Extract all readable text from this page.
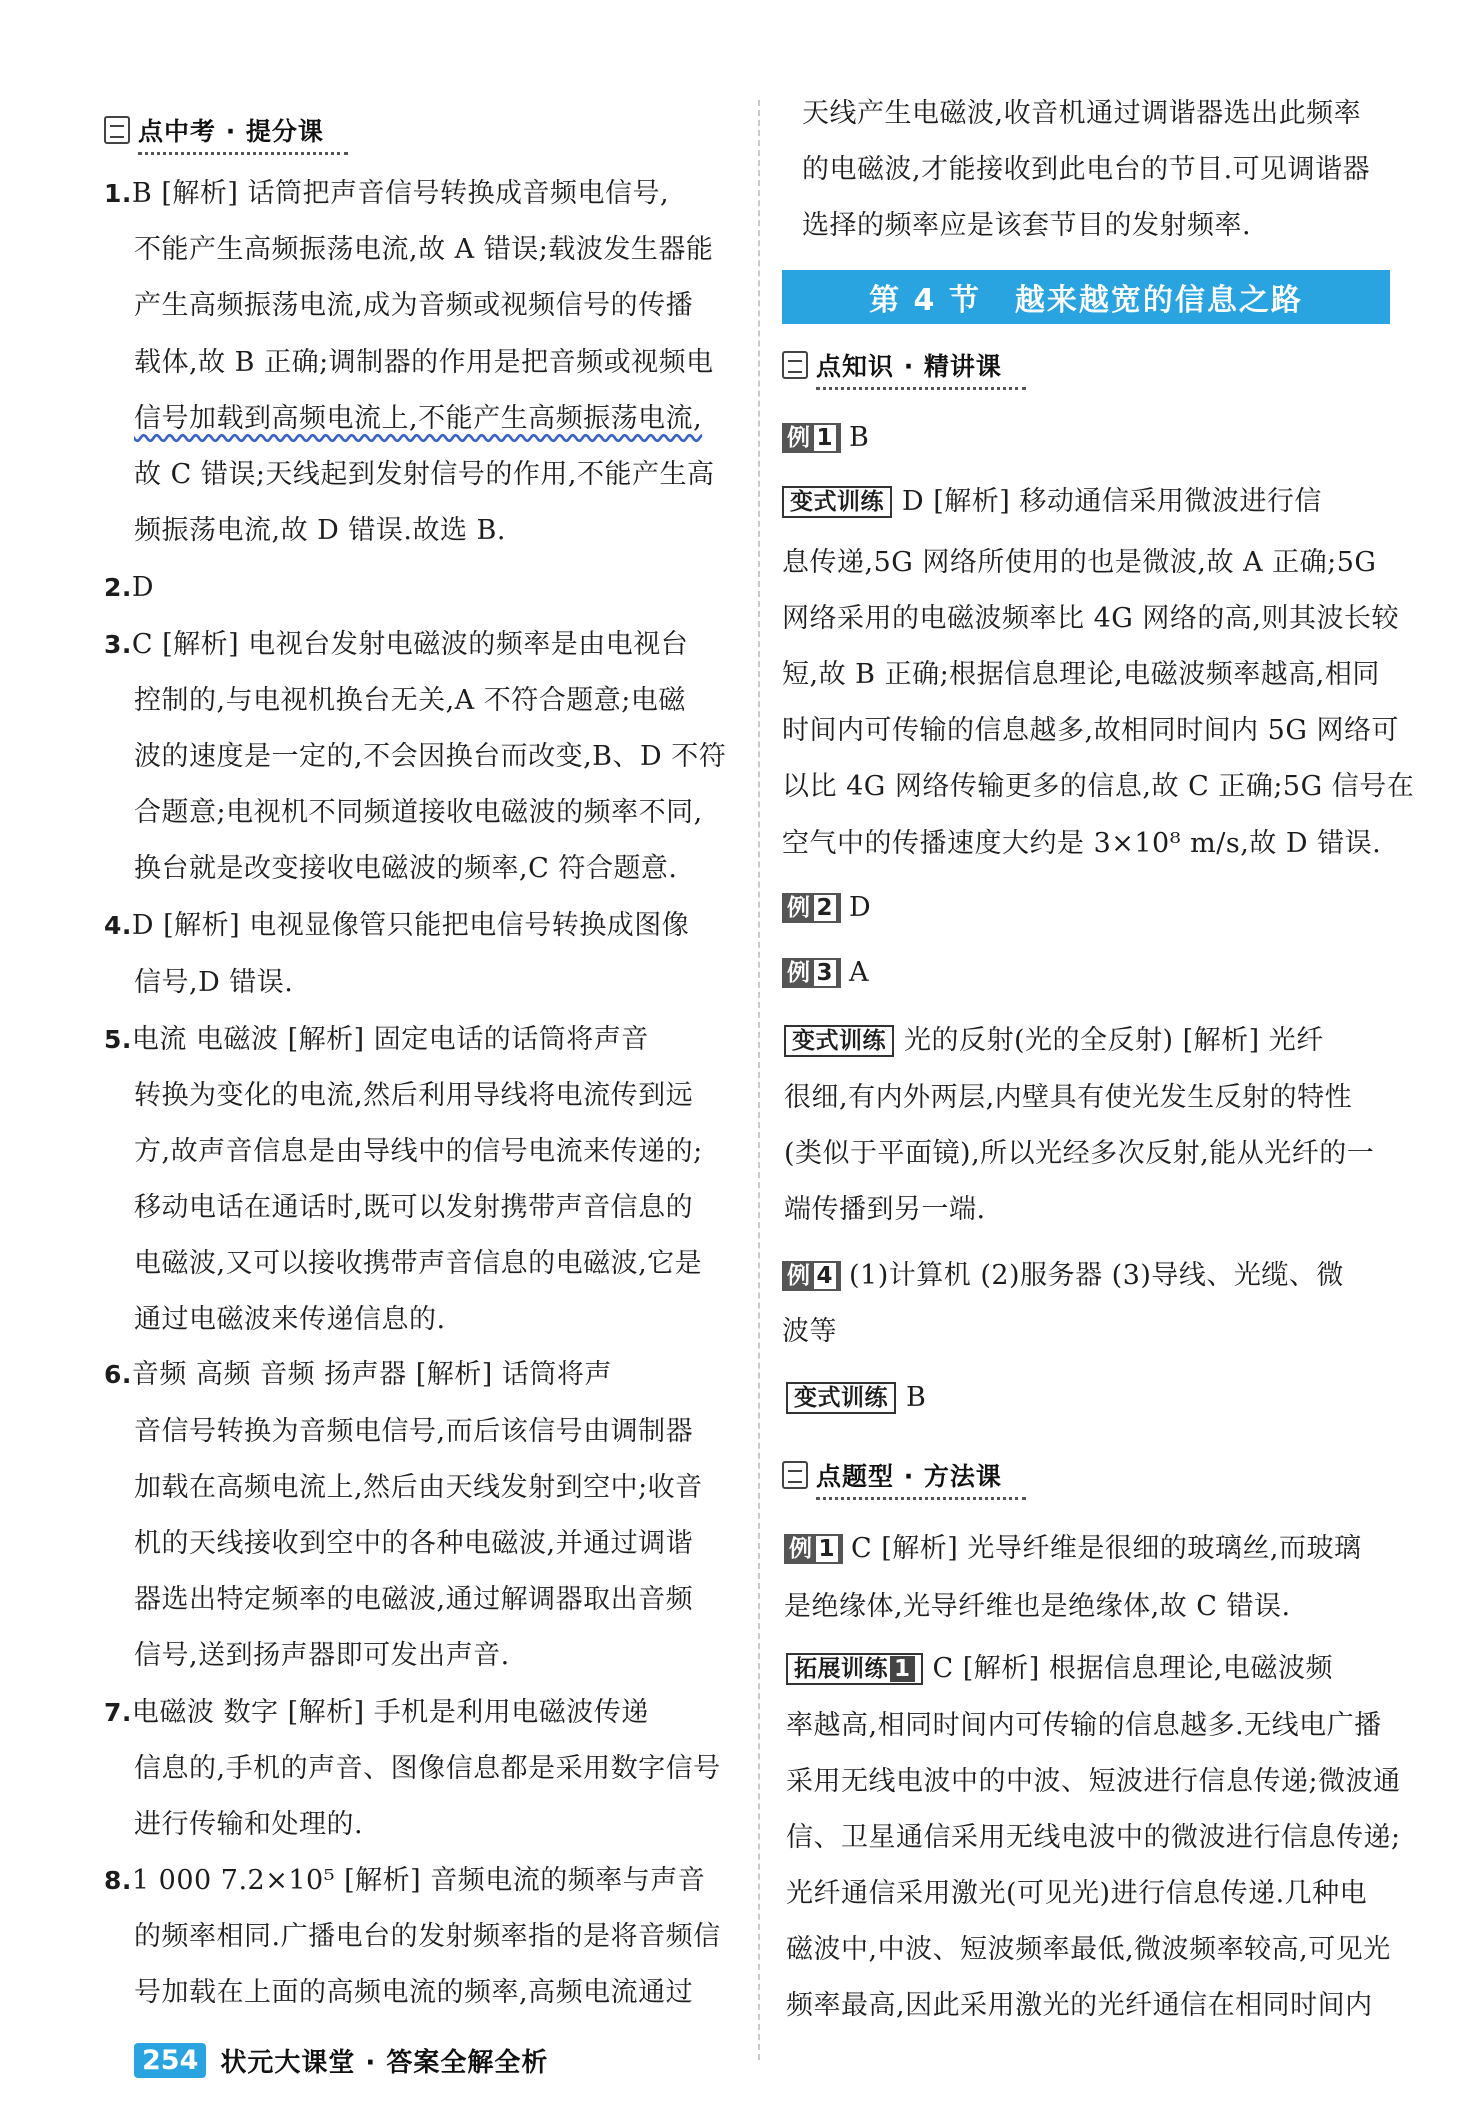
点中考 · 提分课
1.B [解析] 话筒把声音信号转换成音频电信号,
不能产生高频振荡电流,故 A 错误;载波发生器能
产生高频振荡电流,成为音频或视频信号的传播
载体,故 B 正确;调制器的作用是把音频或视频电
信号加载到高频电流上,不能产生高频振荡电流,
故 C 错误;天线起到发射信号的作用,不能产生高
频振荡电流,故 D 错误.故选 B.
2.D
3.C [解析] 电视台发射电磁波的频率是由电视台
控制的,与电视机换台无关,A 不符合题意;电磁
波的速度是一定的,不会因换台而改变,B、D 不符
合题意;电视机不同频道接收电磁波的频率不同,
换台就是改变接收电磁波的频率,C 符合题意.
4.D [解析] 电视显像管只能把电信号转换成图像
信号,D 错误.
5.电流 电磁波 [解析] 固定电话的话筒将声音
转换为变化的电流,然后利用导线将电流传到远
方,故声音信息是由导线中的信号电流来传递的;
移动电话在通话时,既可以发射携带声音信息的
电磁波,又可以接收携带声音信息的电磁波,它是
通过电磁波来传递信息的.
6.音频 高频 音频 扬声器 [解析] 话筒将声
音信号转换为音频电信号,而后该信号由调制器
加载在高频电流上,然后由天线发射到空中;收音
机的天线接收到空中的各种电磁波,并通过调谐
器选出特定频率的电磁波,通过解调器取出音频
信号,送到扬声器即可发出声音.
7.电磁波 数字 [解析] 手机是利用电磁波传递
信息的,手机的声音、图像信息都是采用数字信号
进行传输和处理的.
8.1 000 7.2×10⁵ [解析] 音频电流的频率与声音
的频率相同.广播电台的发射频率指的是将音频信
号加载在上面的高频电流的频率,高频电流通过
天线产生电磁波,收音机通过调谐器选出此频率
的电磁波,才能接收到此电台的节目.可见调谐器
选择的频率应是该套节目的发射频率.
第 4 节 越来越宽的信息之路
点知识 · 精讲课
例 1 B
变式训练 D [解析] 移动通信采用微波进行信
息传递,5G 网络所使用的也是微波,故 A 正确;5G
网络采用的电磁波频率比 4G 网络的高,则其波长较
短,故 B 正确;根据信息理论,电磁波频率越高,相同
时间内可传输的信息越多,故相同时间内 5G 网络可
以比 4G 网络传输更多的信息,故 C 正确;5G 信号在
空气中的传播速度大约是 3×10⁸ m/s,故 D 错误.
例 2 D
例 3 A
变式训练 光的反射(光的全反射) [解析] 光纤
很细,有内外两层,内壁具有使光发生反射的特性
(类似于平面镜),所以光经多次反射,能从光纤的一
端传播到另一端.
例 4 (1)计算机 (2)服务器 (3)导线、光缆、微
波等
变式训练 B
点题型 · 方法课
例 1 C [解析] 光导纤维是很细的玻璃丝,而玻璃
是绝缘体,光导纤维也是绝缘体,故 C 错误.
拓展训练 1 C [解析] 根据信息理论,电磁波频
率越高,相同时间内可传输的信息越多.无线电广播
采用无线电波中的中波、短波进行信息传递;微波通
信、卫星通信采用无线电波中的微波进行信息传递;
光纤通信采用激光(可见光)进行信息传递.几种电
磁波中,中波、短波频率最低,微波频率较高,可见光
频率最高,因此采用激光的光纤通信在相同时间内
254 状元大课堂 · 答案全解全析
